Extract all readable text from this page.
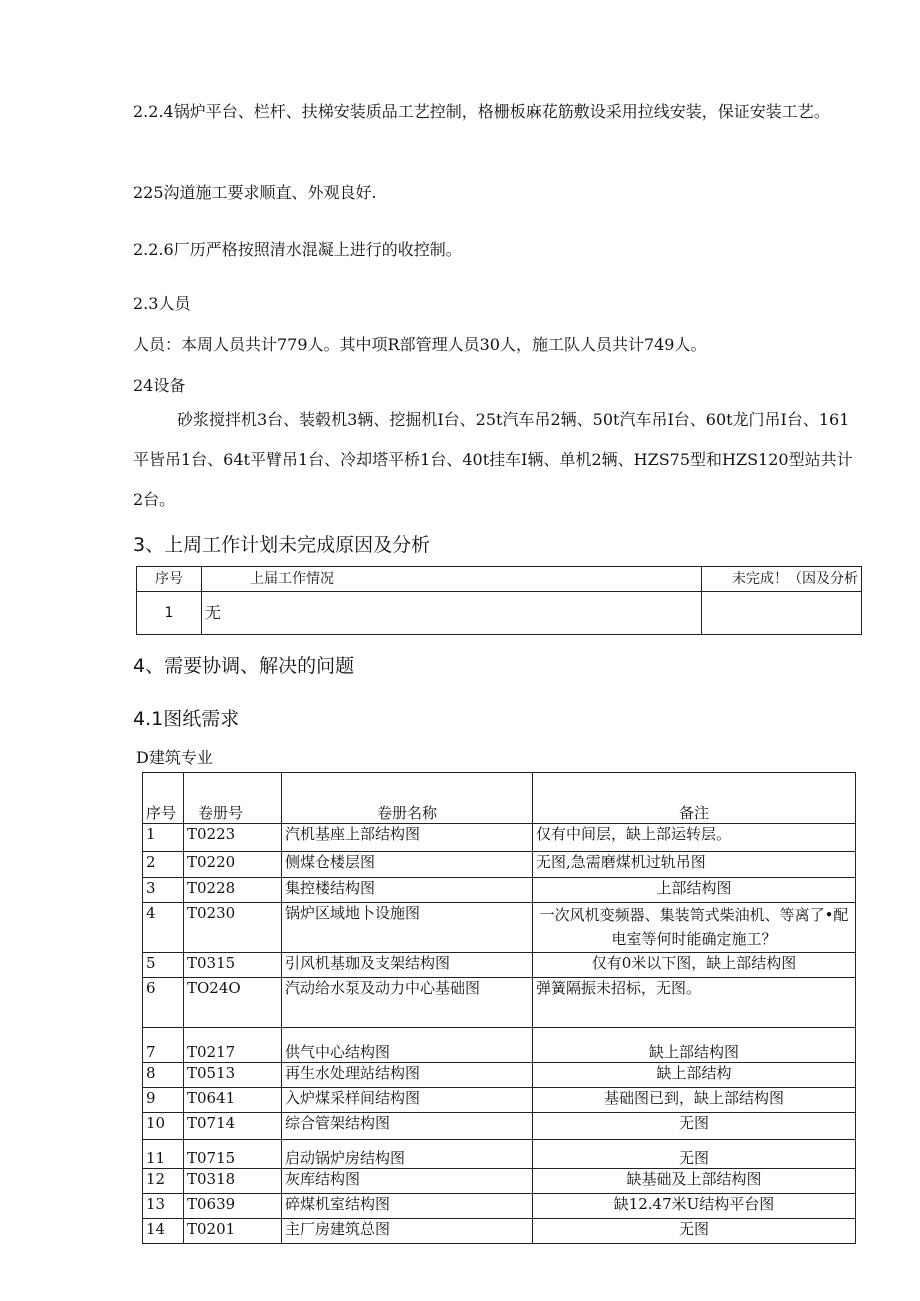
2.2.4锅炉平台、栏杆、扶梯安装质品工艺控制，格栅板麻花筋敷设采用拉线安装，保证安装工艺。
225沟道施工要求顺直、外观良好.
2.2.6厂历严格按照清水混凝上进行的收控制。
2.3人员
人员：本周人员共计779人。其中项R部管理人员30人，施工队人员共计749人。
24设备
砂浆搅拌机3台、装毂机3辆、挖掘机I台、25t汽车吊2辆、50t汽车吊I台、60t龙门吊I台、161平皆吊1台、64t平臂吊1台、冷却塔平桥1台、40t挂车I辆、单机2辆、HZS75型和HZS120型站共计2台。
3、上周工作计划未完成原因及分析
序号	上届工作情况	未完成！（因及分析
1	无	
4、需要协调、解决的问题
4.1图纸需求
D建筑专业
序号	卷册号	卷册名称	备注
1	T0223	汽机基座上部结构图	仅有中间层，缺上部运转层。
2	T0220	侧煤仓楼层图	无图,急需磨煤机过轨吊图
3	T0228	集控楼结构图	上部结构图
4	T0230	锅炉区域地卜设施图	一次风机变频器、集装笥式柴油机、等离了•配电室等何时能确定施工？
5	T0315	引风机基珈及支架结构图	仅有0米以下图，缺上部结构图
6	TO24O	汽动给水泵及动力中心基础图	弹簧隔振未招标，无图。
7	T0217	供气中心结构图	缺上部结构图
8	T0513	再生水处理站结构图	缺上部结构
9	T0641	入炉煤采样间结构图	基础图已到，缺上部结构图
10	T0714	综合管架结构图	无图
11	T0715	启动锅炉房结构图	无图
12	T0318	灰库结构图	缺基础及上部结构图
13	T0639	碎煤机室结构图	缺12.47米U结构平台图
14	T0201	主厂房建筑总图	无图
